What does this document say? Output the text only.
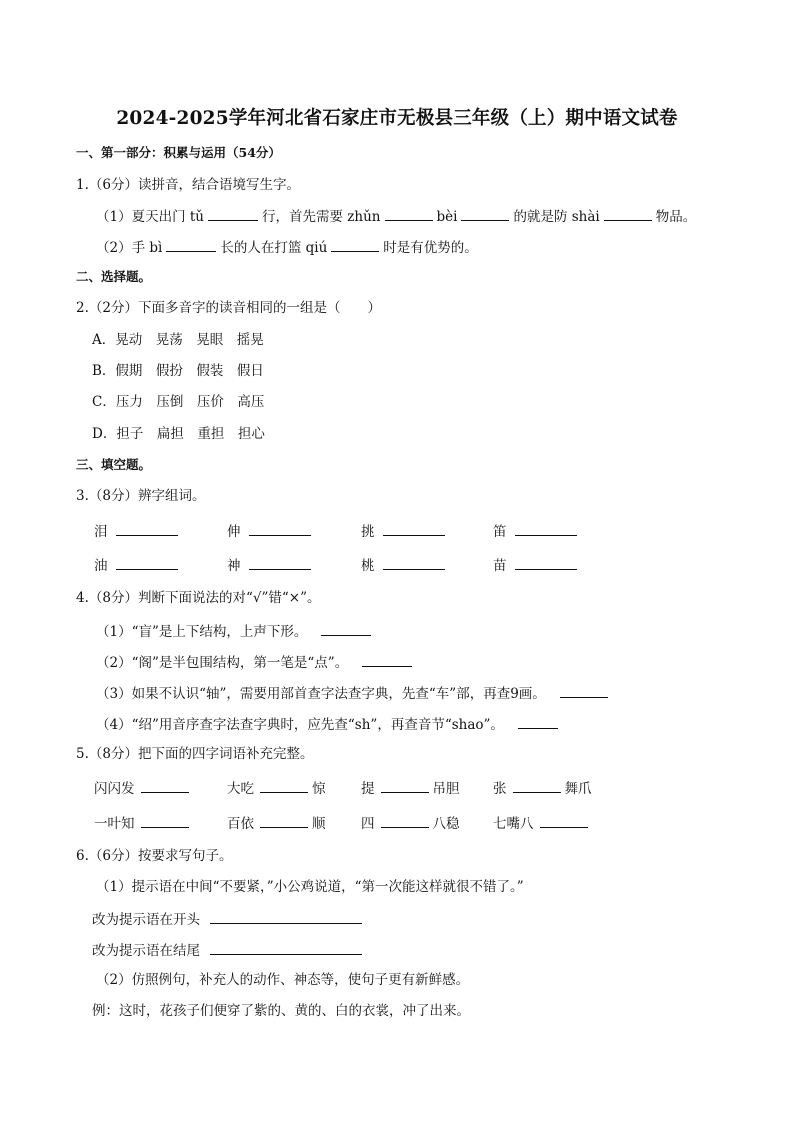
2024-2025学年河北省石家庄市无极县三年级（上）期中语文试卷
一、第一部分：积累与运用（54分）
1.（6分）读拼音，结合语境写生字。
（1）夏天出门 tǔ	行，首先需要 zhǔn	bèi	的就是防 shài	物品。
（2）手 bì	长的人在打篮 qiú	时是有优势的。
二、选择题。
2.（2分）下面多音字的读音相同的一组是（　　）
A．晃动　晃荡　晃眼　摇晃
B．假期　假扮　假装　假日
C．压力　压倒　压价　高压
D．担子　扁担　重担　担心
三、填空题。
3.（8分）辨字组词。
泪	伸	挑	笛
油	神	桃	苗
4.（8分）判断下面说法的对“√”错“×”。
（1）“盲”是上下结构，上声下形。
（2）“阁”是半包围结构，第一笔是“点”。
（3）如果不认识“轴”，需要用部首查字法查字典，先查“车”部，再查9画。
（4）“绍”用音序查字法查字典时，应先查“sh”，再查音节“shao”。
5.（8分）把下面的四字词语补充完整。
闪闪发	大吃	惊	提	吊胆 张	舞爪
一叶知	百依	顺	四	八稳 七嘴八
6.（6分）按要求写句子。
（1）提示语在中间“不要紧，”小公鸡说道，“第一次能这样就很不错了。”
改为提示语在开头
改为提示语在结尾
（2）仿照例句，补充人的动作、神态等，使句子更有新鲜感。
例：这时，花孩子们便穿了紫的、黄的、白的衣裳，冲了出来。
